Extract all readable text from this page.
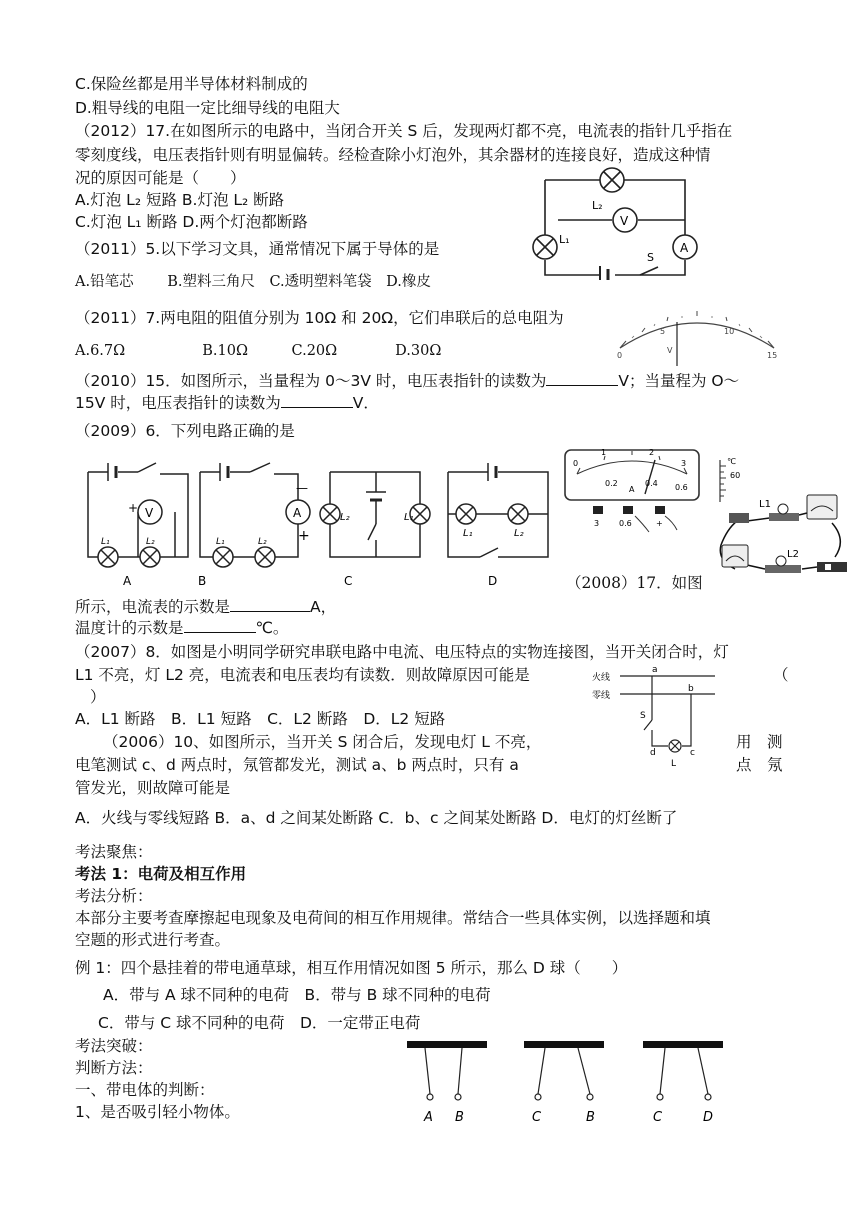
C.保险丝都是用半导体材料制成的
D.粗导线的电阻一定比细导线的电阻大
（2012）17.在如图所示的电路中，当闭合开关 S 后，发现两灯都不亮，电流表的指针几乎指在
零刻度线，电压表指针则有明显偏转。经检查除小灯泡外，其余器材的连接良好，造成这种情
况的原因可能是（　　）
A.灯泡 L₂ 短路 B.灯泡 L₂ 断路
C.灯泡 L₁ 断路 D.两个灯泡都断路
（2011）5.以下学习文具，通常情况下属于导体的是
A.铅笔芯　　 B.塑料三角尺　C.透明塑料笔袋　D.橡皮
（2011）7.两电阻的阻值分别为 10Ω 和 20Ω，它们串联后的总电阻为
A.6.7Ω　　　　　 B.10Ω　　　C.20Ω　　　　D.30Ω
（2010）15．如图所示，当量程为 0～3V 时，电压表指针的读数为	V；当量程为 O～
15V 时，电压表指针的读数为	V．
（2009）6．下列电路正确的是
（2008）17．如图
所示，电流表的示数是	A，
温度计的示数是	℃。
（2007）8．如图是小明同学研究串联电路中电流、电压特点的实物连接图，当开关闭合时，灯
L1 不亮，灯 L2 亮，电流表和电压表均有读数．则故障原因可能是	（
）
A．L1 断路　B．L1 短路　C．L2 断路　D．L2 短路
（2006）10、如图所示，当开关 S 闭合后，发现电灯 L 不亮，	用　测
电笔测试 c、d 两点时，氖管都发光，测试 a、b 两点时，只有 a	点　氖
管发光，则故障可能是
A．火线与零线短路 B．a、d 之间某处断路 C．b、c 之间某处断路 D．电灯的灯丝断了
考法聚焦：
考法 1：电荷及相互作用
考法分析：
本部分主要考查摩擦起电现象及电荷间的相互作用规律。常结合一些具体实例，以选择题和填
空题的形式进行考查。
例 1：四个悬挂着的带电通草球，相互作用情况如图 5 所示，那么 D 球（　　）
A．带与 A 球不同种的电荷　B．带与 B 球不同种的电荷
C．带与 C 球不同种的电荷　D．一定带正电荷
考法突破：
判断方法：
一、带电体的判断：
1、是否吸引轻小物体。
L₂
V
L₁
A
S
0
5	10
15
V
V	A
—
+
+
L₂	L₁
L₁	L₂
L₁	L₂	L₁	L₂
A	B	C	D
0
1	2
3
0.2	0.4 0.6
A
3 0.6	+
℃
60
L1
L2
火线
零线
a
b
S
d	c
L
A B	C	B	C	D
